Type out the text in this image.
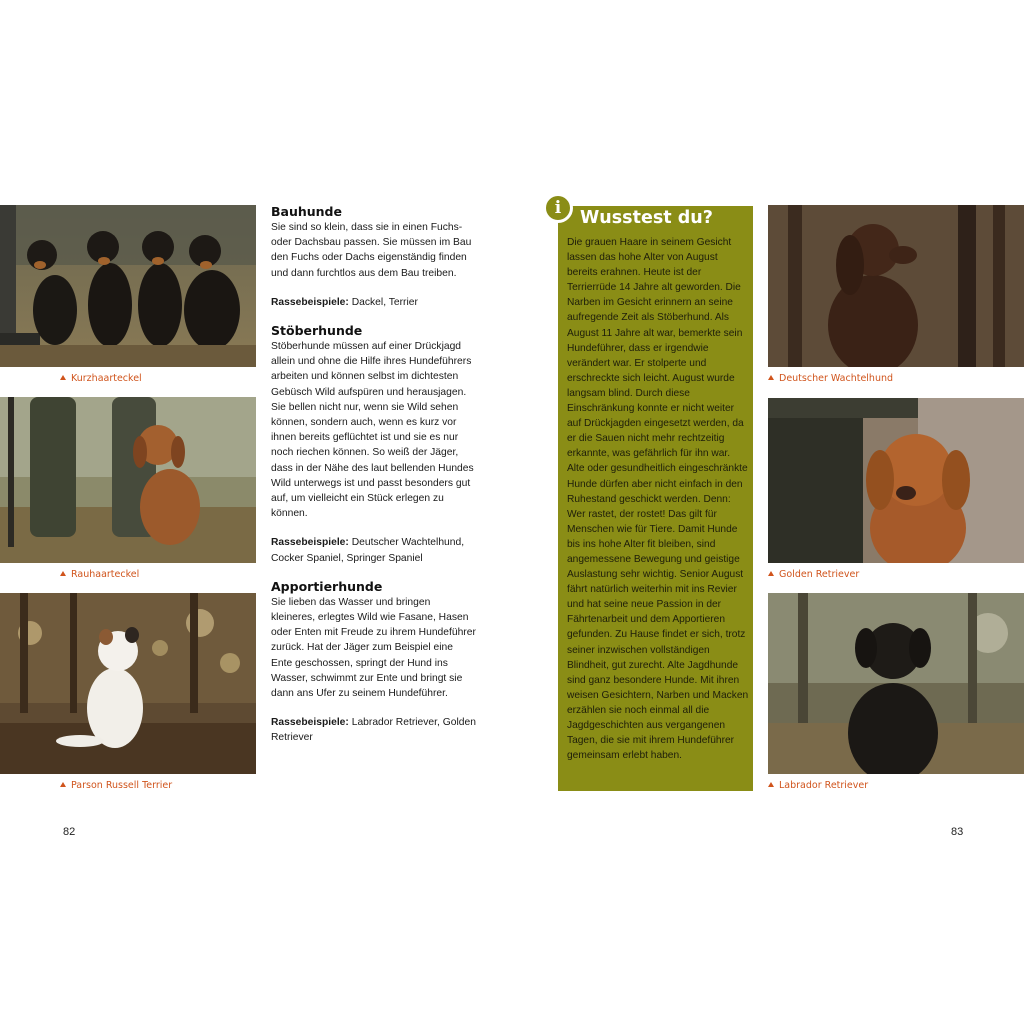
Kurzhaarteckel
Rauhaarteckel
Parson Russell Terrier
Bauhunde

Sie sind so klein, dass sie in einen Fuchs- oder Dachsbau passen. Sie müssen im Bau den Fuchs oder Dachs eigenständig finden und dann furchtlos aus dem Bau treiben.

Rassebeispiele: Dackel, Terrier

Stöberhunde

Stöberhunde müssen auf einer Drückjagd allein und ohne die Hilfe ihres Hundeführers arbeiten und können selbst im dichtesten Gebüsch Wild aufspüren und herausjagen. Sie bellen nicht nur, wenn sie Wild sehen können, sondern auch, wenn es kurz vor ihnen bereits geflüchtet ist und sie es nur noch riechen können. So weiß der Jäger, dass in der Nähe des laut bellenden Hundes Wild unterwegs ist und passt besonders gut auf, um vielleicht ein Stück erlegen zu können.

Rassebeispiele: Deutscher Wachtelhund, Cocker Spaniel, Springer Spaniel

Apportierhunde

Sie lieben das Wasser und bringen kleineres, erlegtes Wild wie Fasane, Hasen oder Enten mit Freude zu ihrem Hundeführer zurück. Hat der Jäger zum Beispiel eine Ente geschossen, springt der Hund ins Wasser, schwimmt zur Ente und bringt sie dann ans Ufer zu seinem Hundeführer.

Rassebeispiele: Labrador Retriever, Golden Retriever

82
Wusstest du?
Die grauen Haare in seinem Gesicht lassen das hohe Alter von August bereits erahnen. Heute ist der Terrierrüde 14 Jahre alt geworden. Die Narben im Gesicht erinnern an seine aufregende Zeit als Stöberhund. Als August 11 Jahre alt war, bemerkte sein Hundeführer, dass er irgendwie verändert war. Er stolperte und erschreckte sich leicht. August wurde langsam blind. Durch diese Einschränkung konnte er nicht weiter auf Drückjagden eingesetzt werden, da er die Sauen nicht mehr rechtzeitig erkannte, was gefährlich für ihn war. Alte oder gesundheitlich eingeschränkte Hunde dürfen aber nicht einfach in den Ruhestand geschickt werden. Denn: Wer rastet, der rostet! Das gilt für Menschen wie für Tiere. Damit Hunde bis ins hohe Alter fit bleiben, sind angemessene Bewegung und geistige Auslastung sehr wichtig. Senior August fährt natürlich weiterhin mit ins Revier und hat seine neue Passion in der Fährtenarbeit und dem Apportieren gefunden. Zu Hause findet er sich, trotz seiner inzwischen vollständigen Blindheit, gut zurecht. Alte Jagdhunde sind ganz besondere Hunde. Mit ihren weisen Gesichtern, Narben und Macken erzählen sie noch einmal all die Jagdgeschichten aus vergangenen Tagen, die sie mit ihrem Hundeführer gemeinsam erlebt haben.
i
Deutscher Wachtelhund
Golden Retriever
Labrador Retriever
83
